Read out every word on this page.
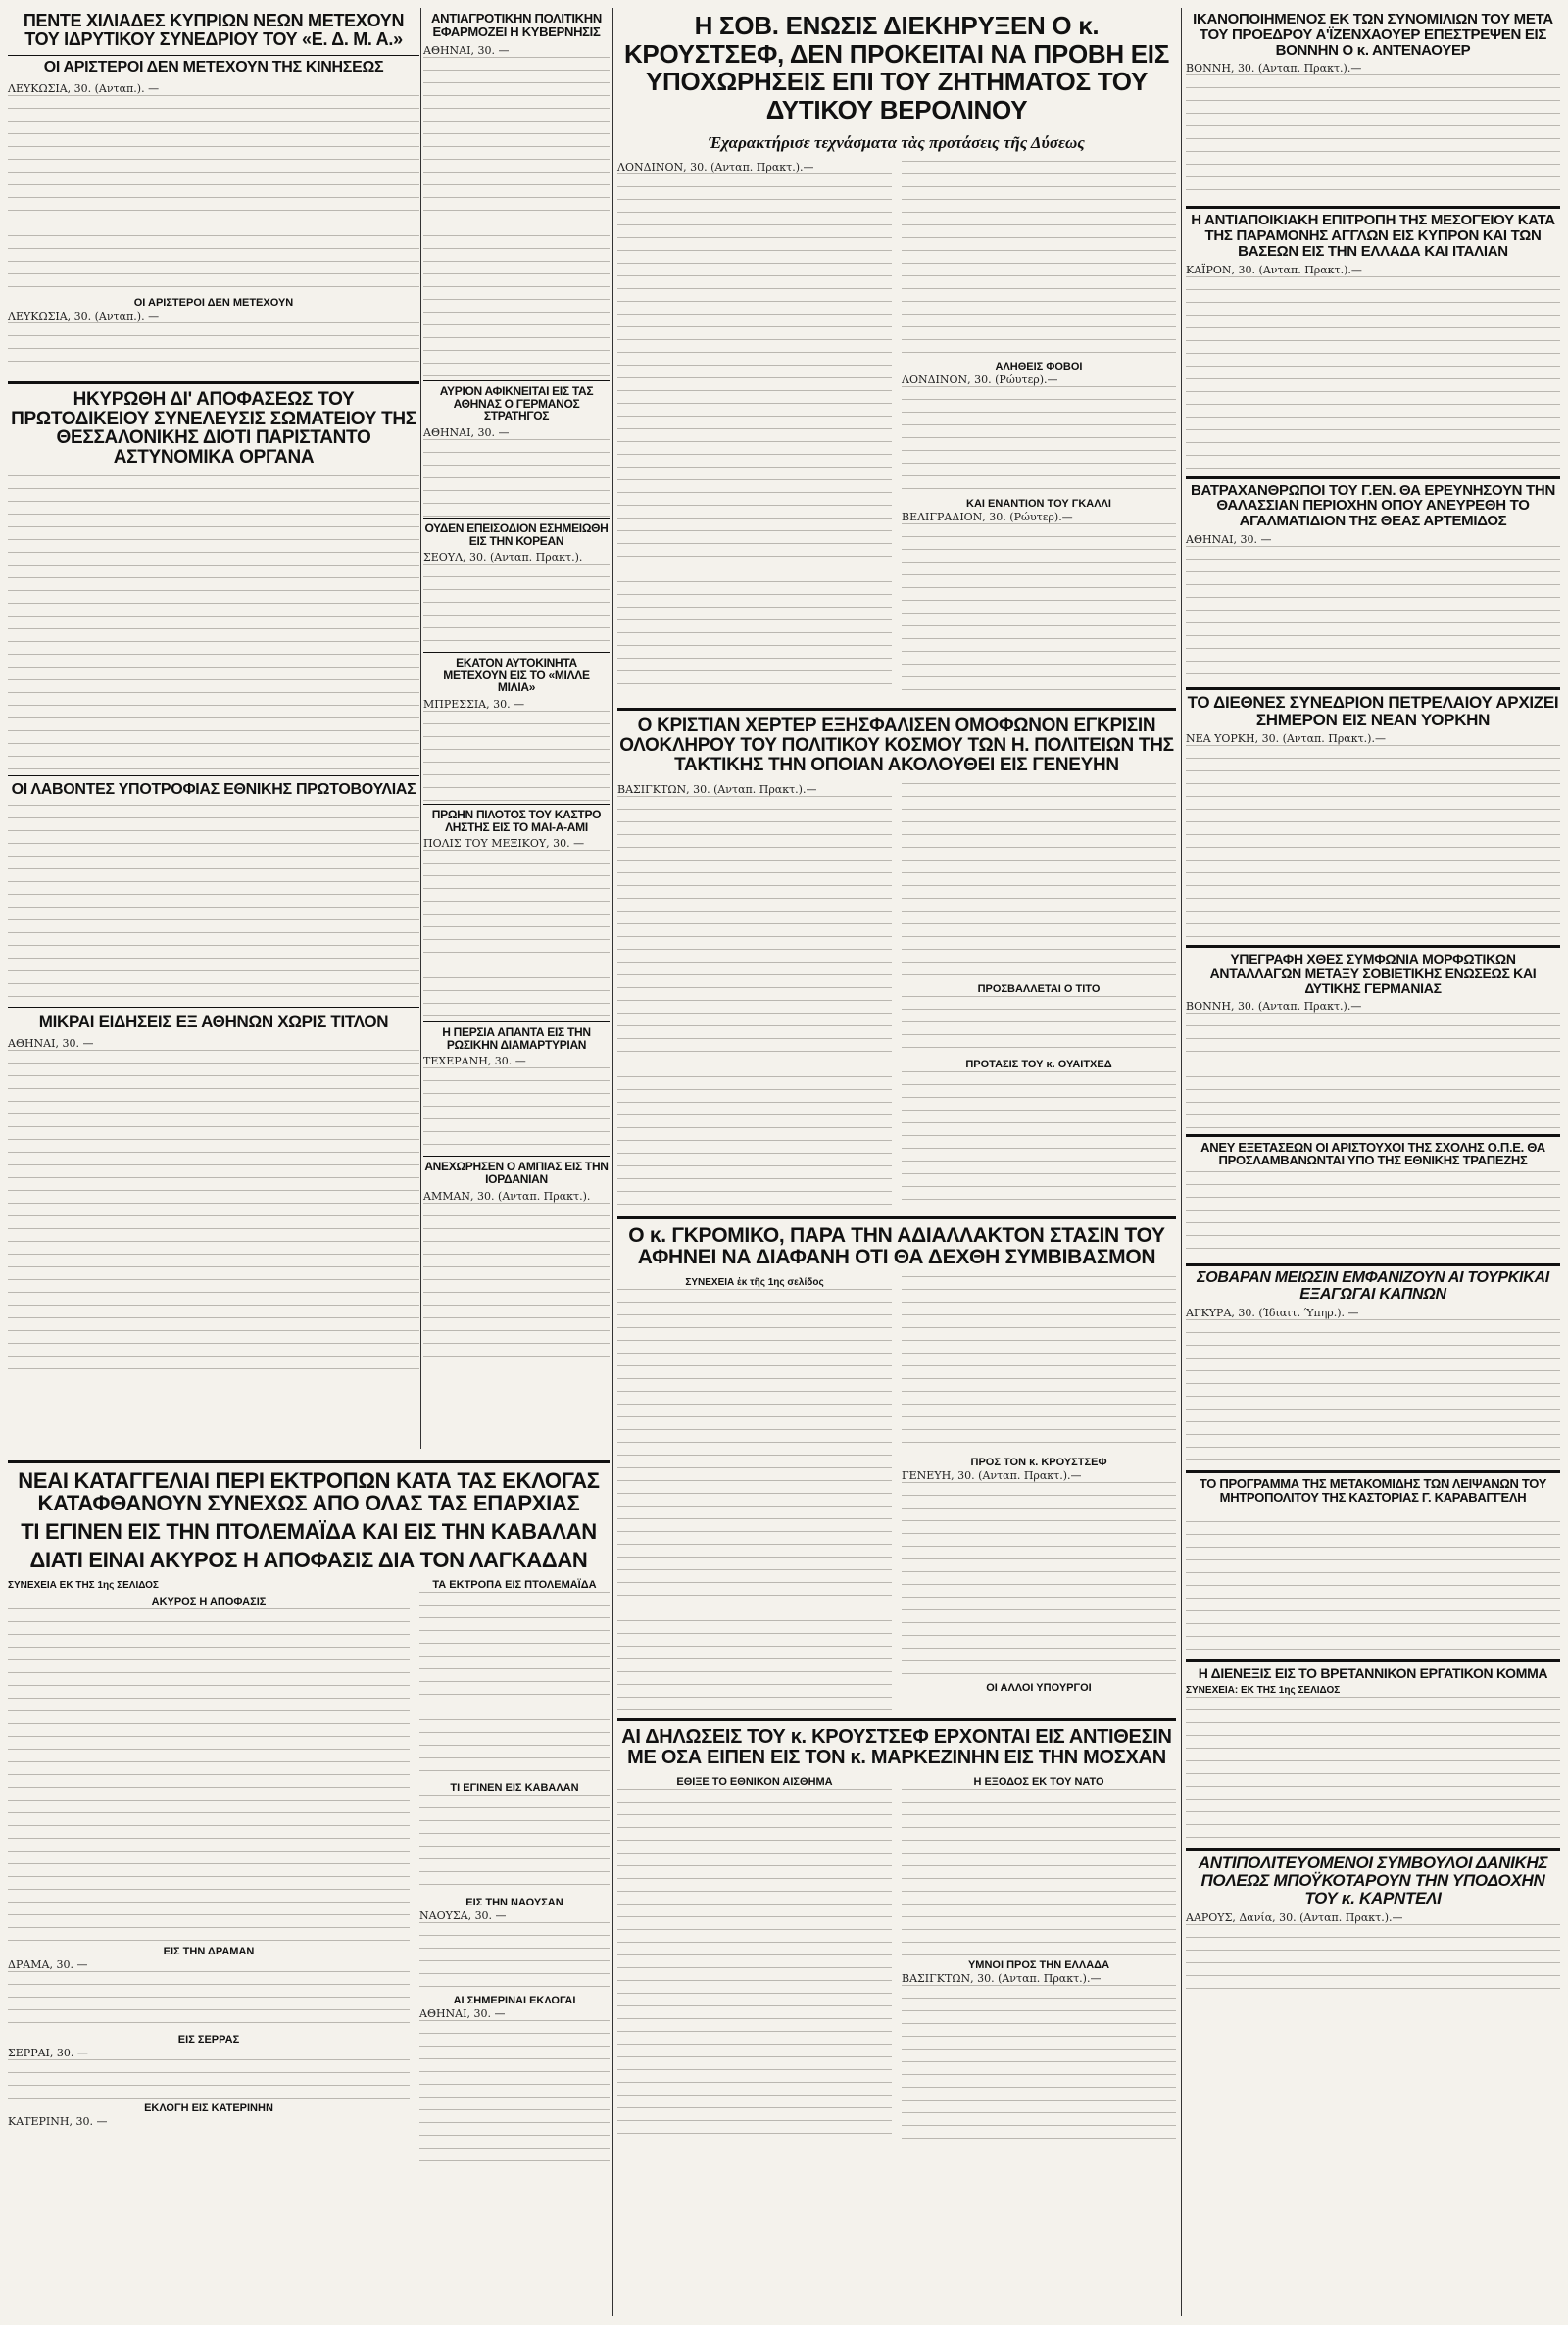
ΠΕΝΤΕ ΧΙΛΙΑΔΕΣ ΚΥΠΡΙΩΝ ΝΕΩΝ ΜΕΤΕΧΟΥΝ ΤΟΥ ΙΔΡΥΤΙΚΟΥ ΣΥΝΕΔΡΙΟΥ ΤΟΥ «Ε. Δ. Μ. Α.»
ΟΙ ΑΡΙΣΤΕΡΟΙ ΔΕΝ ΜΕΤΕΧΟΥΝ ΤΗΣ ΚΙΝΗΣΕΩΣ
ΛΕΥΚΩΣΙΑ, 30. (Ανταπ.). —
ΟΙ ΑΡΙΣΤΕΡΟΙ ΔΕΝ ΜΕΤΕΧΟΥΝ
ΛΕΥΚΩΣΙΑ, 30. (Ανταπ.). —
ΗΚΥΡΩΘΗ ΔΙ' ΑΠΟΦΑΣΕΩΣ ΤΟΥ ΠΡΩΤΟΔΙΚΕΙΟΥ ΣΥΝΕΛΕΥΣΙΣ ΣΩΜΑΤΕΙΟΥ ΤΗΣ ΘΕΣΣΑΛΟΝΙΚΗΣ ΔΙΟΤΙ ΠΑΡΙΣΤΑΝΤΟ ΑΣΤΥΝΟΜΙΚΑ ΟΡΓΑΝΑ
ΟΙ ΛΑΒΟΝΤΕΣ ΥΠΟΤΡΟΦΙΑΣ ΕΘΝΙΚΗΣ ΠΡΩΤΟΒΟΥΛΙΑΣ
ΜΙΚΡΑΙ ΕΙΔΗΣΕΙΣ ΕΞ ΑΘΗΝΩΝ ΧΩΡΙΣ ΤΙΤΛΟΝ
ΑΘΗΝΑΙ, 30. —
ΑΝΤΙΑΓΡΟΤΙΚΗΝ ΠΟΛΙΤΙΚΗΝ ΕΦΑΡΜΟΖΕΙ Η ΚΥΒΕΡΝΗΣΙΣ
ΑΘΗΝΑΙ, 30. —
ΑΥΡΙΟΝ ΑΦΙΚΝΕΙΤΑΙ ΕΙΣ ΤΑΣ ΑΘΗΝΑΣ Ο ΓΕΡΜΑΝΟΣ ΣΤΡΑΤΗΓΟΣ
ΑΘΗΝΑΙ, 30. —
ΟΥΔΕΝ ΕΠΕΙΣΟΔΙΟΝ ΕΣΗΜΕΙΩΘΗ ΕΙΣ ΤΗΝ ΚΟΡΕΑΝ
ΣΕΟΥΛ, 30. (Ανταπ. Πρακτ.).
ΕΚΑΤΟΝ ΑΥΤΟΚΙΝΗΤΑ ΜΕΤΕΧΟΥΝ ΕΙΣ ΤΟ «ΜΙΛΛΕ ΜΙΛΙΑ»
ΜΠΡΕΣΣΙΑ, 30. —
ΠΡΩΗΝ ΠΙΛΟΤΟΣ ΤΟΥ ΚΑΣΤΡΟ ΛΗΣΤΗΣ ΕΙΣ ΤΟ ΜΑΙ-Α-ΑΜΙ
ΠΟΛΙΣ ΤΟΥ ΜΕΞΙΚΟΥ, 30. —
Η ΠΕΡΣΙΑ ΑΠΑΝΤΑ ΕΙΣ ΤΗΝ ΡΩΣΙΚΗΝ ΔΙΑΜΑΡΤΥΡΙΑΝ
ΤΕΧΕΡΑΝΗ, 30. —
ΑΝΕΧΩΡΗΣΕΝ Ο ΑΜΠΙΑΣ ΕΙΣ ΤΗΝ ΙΟΡΔΑΝΙΑΝ
ΑΜΜΑΝ, 30. (Ανταπ. Πρακτ.).
Η ΣΟΒ. ΕΝΩΣΙΣ ΔΙΕΚΗΡΥΞΕΝ Ο κ. ΚΡΟΥΣΤΣΕΦ, ΔΕΝ ΠΡΟΚΕΙΤΑΙ ΝΑ ΠΡΟΒΗ ΕΙΣ ΥΠΟΧΩΡΗΣΕΙΣ ΕΠΙ ΤΟΥ ΖΗΤΗΜΑΤΟΣ ΤΟΥ ΔΥΤΙΚΟΥ ΒΕΡΟΛΙΝΟΥ
Έχαρακτήρισε τεχνάσματα τὰς προτάσεις τῆς Δύσεως
ΛΟΝΔΙΝΟΝ, 30. (Ανταπ. Πρακτ.).—
ΑΛΗΘΕΙΣ ΦΟΒΟΙ
ΛΟΝΔΙΝΟΝ, 30. (Ρώυτερ).—
ΚΑΙ ΕΝΑΝΤΙΟΝ ΤΟΥ ΓΚΑΛΛΙ
ΒΕΛΙΓΡΑΔΙΟΝ, 30. (Ρώυτερ).—
Ο ΚΡΙΣΤΙΑΝ ΧΕΡΤΕΡ ΕΞΗΣΦΑΛΙΣΕΝ ΟΜΟΦΩΝΟΝ ΕΓΚΡΙΣΙΝ ΟΛΟΚΛΗΡΟΥ ΤΟΥ ΠΟΛΙΤΙΚΟΥ ΚΟΣΜΟΥ ΤΩΝ Η. ΠΟΛΙΤΕΙΩΝ ΤΗΣ ΤΑΚΤΙΚΗΣ ΤΗΝ ΟΠΟΙΑΝ ΑΚΟΛΟΥΘΕΙ ΕΙΣ ΓΕΝΕΥΗΝ
ΒΑΣΙΓΚΤΩΝ, 30. (Ανταπ. Πρακτ.).—
ΠΡΟΣΒΑΛΛΕΤΑΙ Ο ΤΙΤΟ
ΠΡΟΤΑΣΙΣ ΤΟΥ κ. ΟΥΑΙΤΧΕΔ
Ο κ. ΓΚΡΟΜΙΚΟ, ΠΑΡΑ ΤΗΝ ΑΔΙΑΛΛΑΚΤΟΝ ΣΤΑΣΙΝ ΤΟΥ ΑΦΗΝΕΙ ΝΑ ΔΙΑΦΑΝΗ ΟΤΙ ΘΑ ΔΕΧΘΗ ΣΥΜΒΙΒΑΣΜΟΝ
ΣΥΝΕΧΕΙΑ ἐκ τῆς 1ης σελίδος
ΠΡΟΣ ΤΟΝ κ. ΚΡΟΥΣΤΣΕΦ
ΓΕΝΕΥΗ, 30. (Ανταπ. Πρακτ.).—
ΟΙ ΑΛΛΟΙ ΥΠΟΥΡΓΟΙ
ΑΙ ΔΗΛΩΣΕΙΣ ΤΟΥ κ. ΚΡΟΥΣΤΣΕΦ ΕΡΧΟΝΤΑΙ ΕΙΣ ΑΝΤΙΘΕΣΙΝ ΜΕ ΟΣΑ ΕΙΠΕΝ ΕΙΣ ΤΟΝ κ. ΜΑΡΚΕΖΙΝΗΝ ΕΙΣ ΤΗΝ ΜΟΣΧΑΝ
ΕΘΙΞΕ ΤΟ ΕΘΝΙΚΟΝ ΑΙΣΘΗΜΑ	Η ΕΞΟΔΟΣ ΕΚ ΤΟΥ ΝΑΤΟ
ΥΜΝΟΙ ΠΡΟΣ ΤΗΝ ΕΛΛΑΔΑ
ΒΑΣΙΓΚΤΩΝ, 30. (Ανταπ. Πρακτ.).—
ΝΕΑΙ ΚΑΤΑΓΓΕΛΙΑΙ ΠΕΡΙ ΕΚΤΡΟΠΩΝ ΚΑΤΑ ΤΑΣ ΕΚΛΟΓΑΣ ΚΑΤΑΦΘΑΝΟΥΝ ΣΥΝΕΧΩΣ ΑΠΟ ΟΛΑΣ ΤΑΣ ΕΠΑΡΧΙΑΣ
ΤΙ ΕΓΙΝΕΝ ΕΙΣ ΤΗΝ ΠΤΟΛΕΜΑΪΔΑ ΚΑΙ ΕΙΣ ΤΗΝ ΚΑΒΑΛΑΝ
ΔΙΑΤΙ ΕΙΝΑΙ ΑΚΥΡΟΣ Η ΑΠΟΦΑΣΙΣ ΔΙΑ ΤΟΝ ΛΑΓΚΑΔΑΝ
ΣΥΝΕΧΕΙΑ ΕΚ ΤΗΣ 1ης ΣΕΛΙΔΟΣ
ΑΚΥΡΟΣ Η ΑΠΟΦΑΣΙΣ
ΕΙΣ ΤΗΝ ΔΡΑΜΑΝ
ΔΡΑΜΑ, 30. —
ΕΙΣ ΣΕΡΡΑΣ
ΣΕΡΡΑΙ, 30. —
ΕΚΛΟΓΗ ΕΙΣ ΚΑΤΕΡΙΝΗΝ
ΚΑΤΕΡΙΝΗ, 30. —
ΤΑ ΕΚΤΡΟΠΑ ΕΙΣ ΠΤΟΛΕΜΑΪΔΑ
ΤΙ ΕΓΙΝΕΝ ΕΙΣ ΚΑΒΑΛΑΝ
ΕΙΣ ΤΗΝ ΝΑΟΥΣΑΝ
ΝΑΟΥΣΑ, 30. —
ΑΙ ΣΗΜΕΡΙΝΑΙ ΕΚΛΟΓΑΙ
ΑΘΗΝΑΙ, 30. —
ΙΚΑΝΟΠΟΙΗΜΕΝΟΣ ΕΚ ΤΩΝ ΣΥΝΟΜΙΛΙΩΝ ΤΟΥ ΜΕΤΑ ΤΟΥ ΠΡΟΕΔΡΟΥ Α'ΪΖΕΝΧΑΟΥΕΡ ΕΠΕΣΤΡΕΨΕΝ ΕΙΣ ΒΟΝΝΗΝ Ο κ. ΑΝΤΕΝΑΟΥΕΡ
ΒΟΝΝΗ, 30. (Ανταπ. Πρακτ.).—
Η ΑΝΤΙΑΠΟΙΚΙΑΚΗ ΕΠΙΤΡΟΠΗ ΤΗΣ ΜΕΣΟΓΕΙΟΥ ΚΑΤΑ ΤΗΣ ΠΑΡΑΜΟΝΗΣ ΑΓΓΛΩΝ ΕΙΣ ΚΥΠΡΟΝ ΚΑΙ ΤΩΝ ΒΑΣΕΩΝ ΕΙΣ ΤΗΝ ΕΛΛΑΔΑ ΚΑΙ ΙΤΑΛΙΑΝ
ΚΑΪΡΟΝ, 30. (Ανταπ. Πρακτ.).—
ΒΑΤΡΑΧΑΝΘΡΩΠΟΙ ΤΟΥ Γ.ΕΝ. ΘΑ ΕΡΕΥΝΗΣΟΥΝ ΤΗΝ ΘΑΛΑΣΣΙΑΝ ΠΕΡΙΟΧΗΝ ΟΠΟΥ ΑΝΕΥΡΕΘΗ ΤΟ ΑΓΑΛΜΑΤΙΔΙΟΝ ΤΗΣ ΘΕΑΣ ΑΡΤΕΜΙΔΟΣ
ΑΘΗΝΑΙ, 30. —
ΤΟ ΔΙΕΘΝΕΣ ΣΥΝΕΔΡΙΟΝ ΠΕΤΡΕΛΑΙΟΥ ΑΡΧΙΖΕΙ ΣΗΜΕΡΟΝ ΕΙΣ ΝΕΑΝ ΥΟΡΚΗΝ
ΝΕΑ ΥΟΡΚΗ, 30. (Ανταπ. Πρακτ.).—
ΥΠΕΓΡΑΦΗ ΧΘΕΣ ΣΥΜΦΩΝΙΑ ΜΟΡΦΩΤΙΚΩΝ ΑΝΤΑΛΛΑΓΩΝ ΜΕΤΑΞΥ ΣΟΒΙΕΤΙΚΗΣ ΕΝΩΣΕΩΣ ΚΑΙ ΔΥΤΙΚΗΣ ΓΕΡΜΑΝΙΑΣ
ΒΟΝΝΗ, 30. (Ανταπ. Πρακτ.).—
ΑΝΕΥ ΕΞΕΤΑΣΕΩΝ ΟΙ ΑΡΙΣΤΟΥΧΟΙ ΤΗΣ ΣΧΟΛΗΣ Ο.Π.Ε. ΘΑ ΠΡΟΣΛΑΜΒΑΝΩΝΤΑΙ ΥΠΟ ΤΗΣ ΕΘΝΙΚΗΣ ΤΡΑΠΕΖΗΣ
ΣΟΒΑΡΑΝ ΜΕΙΩΣΙΝ ΕΜΦΑΝΙΖΟΥΝ ΑΙ ΤΟΥΡΚΙΚΑΙ ΕΞΑΓΩΓΑΙ ΚΑΠΝΩΝ
ΑΓΚΥΡΑ, 30. (Ίδιαιτ. Ύπηρ.). —
ΤΟ ΠΡΟΓΡΑΜΜΑ ΤΗΣ ΜΕΤΑΚΟΜΙΔΗΣ ΤΩΝ ΛΕΙΨΑΝΩΝ ΤΟΥ ΜΗΤΡΟΠΟΛΙΤΟΥ ΤΗΣ ΚΑΣΤΟΡΙΑΣ Γ. ΚΑΡΑΒΑΓΓΕΛΗ
Η ΔΙΕΝΕΞΙΣ ΕΙΣ ΤΟ ΒΡΕΤΑΝΝΙΚΟΝ ΕΡΓΑΤΙΚΟΝ ΚΟΜΜΑ
ΣΥΝΕΧΕΙΑ: ΕΚ ΤΗΣ 1ης ΣΕΛΙΔΟΣ
ΑΝΤΙΠΟΛΙΤΕΥΟΜΕΝΟΙ ΣΥΜΒΟΥΛΟΙ ΔΑΝΙΚΗΣ ΠΟΛΕΩΣ ΜΠΟΫΚΟΤΑΡΟΥΝ ΤΗΝ ΥΠΟΔΟΧΗΝ ΤΟΥ κ. ΚΑΡΝΤΕΛΙ
ΑΑΡΟΥΣ, Δανία, 30. (Ανταπ. Πρακτ.).—
